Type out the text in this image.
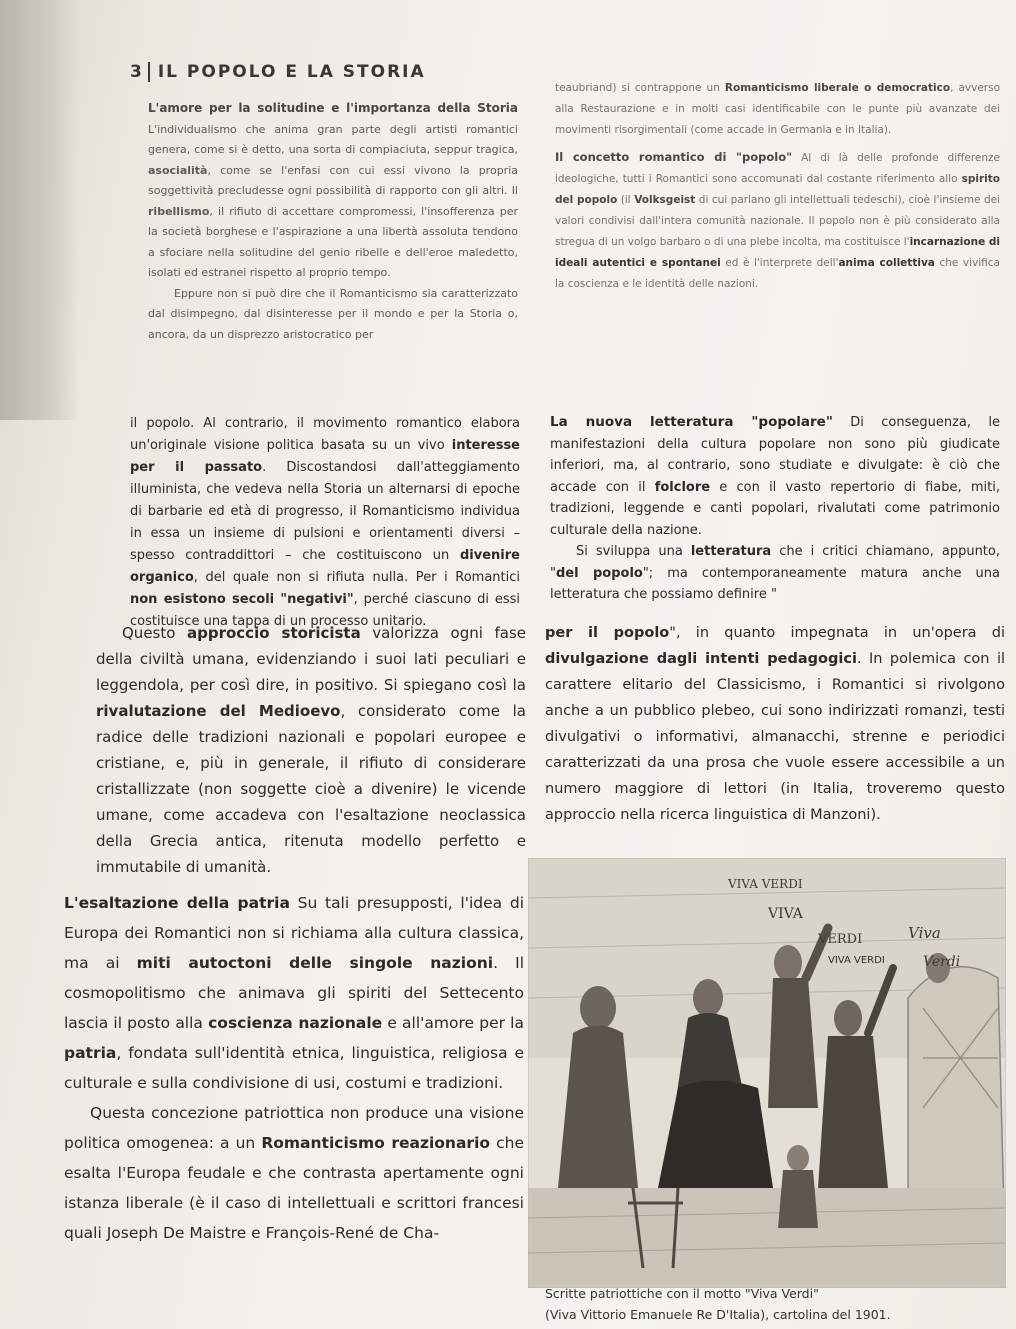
3 IL POPOLO E LA STORIA

L'amore per la solitudine e l'importanza della Storia L'individualismo che anima gran parte degli artisti romantici genera, come si è detto, una sorta di compiaciuta, seppur tragica, asocialità, come se l'enfasi con cui essi vivono la propria soggettività precludesse ogni possibilità di rapporto con gli altri. Il ribellismo, il rifiuto di accettare compromessi, l'insofferenza per la società borghese e l'aspirazione a una libertà assoluta tendono a sfociare nella solitudine del genio ribelle e dell'eroe maledetto, isolati ed estranei rispetto al proprio tempo.

Eppure non si può dire che il Romanticismo sia caratterizzato dal disimpegno, dal disinteresse per il mondo e per la Storia o, ancora, da un disprezzo aristocratico per

il popolo. Al contrario, il movimento romantico elabora un'originale visione politica basata su un vivo interesse per il passato. Discostandosi dall'atteggiamento illuminista, che vedeva nella Storia un alternarsi di epoche di barbarie ed età di progresso, il Romanticismo individua in essa un insieme di pulsioni e orientamenti diversi – spesso contraddittori – che costituiscono un divenire organico, del quale non si rifiuta nulla. Per i Romantici non esistono secoli "negativi", perché ciascuno di essi costituisce una tappa di un processo unitario.

Questo approccio storicista valorizza ogni fase della civiltà umana, evidenziando i suoi lati peculiari e leggendola, per così dire, in positivo. Si spiegano così la rivalutazione del Medioevo, considerato come la radice delle tradizioni nazionali e popolari europee e cristiane, e, più in generale, il rifiuto di considerare cristallizzate (non soggette cioè a divenire) le vicende umane, come accadeva con l'esaltazione neoclassica della Grecia antica, ritenuta modello perfetto e immutabile di umanità.

L'esaltazione della patria Su tali presupposti, l'idea di Europa dei Romantici non si richiama alla cultura classica, ma ai miti autoctoni delle singole nazioni. Il cosmopolitismo che animava gli spiriti del Settecento lascia il posto alla coscienza nazionale e all'amore per la patria, fondata sull'identità etnica, linguistica, religiosa e culturale e sulla condivisione di usi, costumi e tradizioni.

Questa concezione patriottica non produce una visione politica omogenea: a un Romanticismo reazionario che esalta l'Europa feudale e che contrasta apertamente ogni istanza liberale (è il caso di intellettuali e scrittori francesi quali Joseph De Maistre e François-René de Cha-

teaubriand) si contrappone un Romanticismo liberale o democratico, avverso alla Restaurazione e in molti casi identificabile con le punte più avanzate dei movimenti risorgimentali (come accade in Germania e in Italia).

Il concetto romantico di "popolo" Al di là delle profonde differenze ideologiche, tutti i Romantici sono accomunati dal costante riferimento allo spirito del popolo (il Volksgeist di cui parlano gli intellettuali tedeschi), cioè l'insieme dei valori condivisi dall'intera comunità nazionale. Il popolo non è più considerato alla stregua di un volgo barbaro o di una plebe incolta, ma costituisce l'incarnazione di ideali autentici e spontanei ed è l'interprete dell'anima collettiva che vivifica la coscienza e le identità delle nazioni.

La nuova letteratura "popolare" Di conseguenza, le manifestazioni della cultura popolare non sono più giudicate inferiori, ma, al contrario, sono studiate e divulgate: è ciò che accade con il folclore e con il vasto repertorio di fiabe, miti, tradizioni, leggende e canti popolari, rivalutati come patrimonio culturale della nazione.

Si sviluppa una letteratura che i critici chiamano, appunto, "del popolo"; ma contemporaneamente matura anche una letteratura che possiamo definire "

per il popolo", in quanto impegnata in un'opera di divulgazione dagli intenti pedagogici. In polemica con il carattere elitario del Classicismo, i Romantici si rivolgono anche a un pubblico plebeo, cui sono indirizzati romanzi, testi divulgativi o informativi, almanacchi, strenne e periodici caratterizzati da una prosa che vuole essere accessibile a un numero maggiore di lettori (in Italia, troveremo questo approccio nella ricerca linguistica di Manzoni).

VIVA VERDI
VIVA
VERDI	Viva
VIVA VERDI	Verdi
Scritte patriottiche con il motto "Viva Verdi"
(Viva Vittorio Emanuele Re D'Italia), cartolina del 1901.
